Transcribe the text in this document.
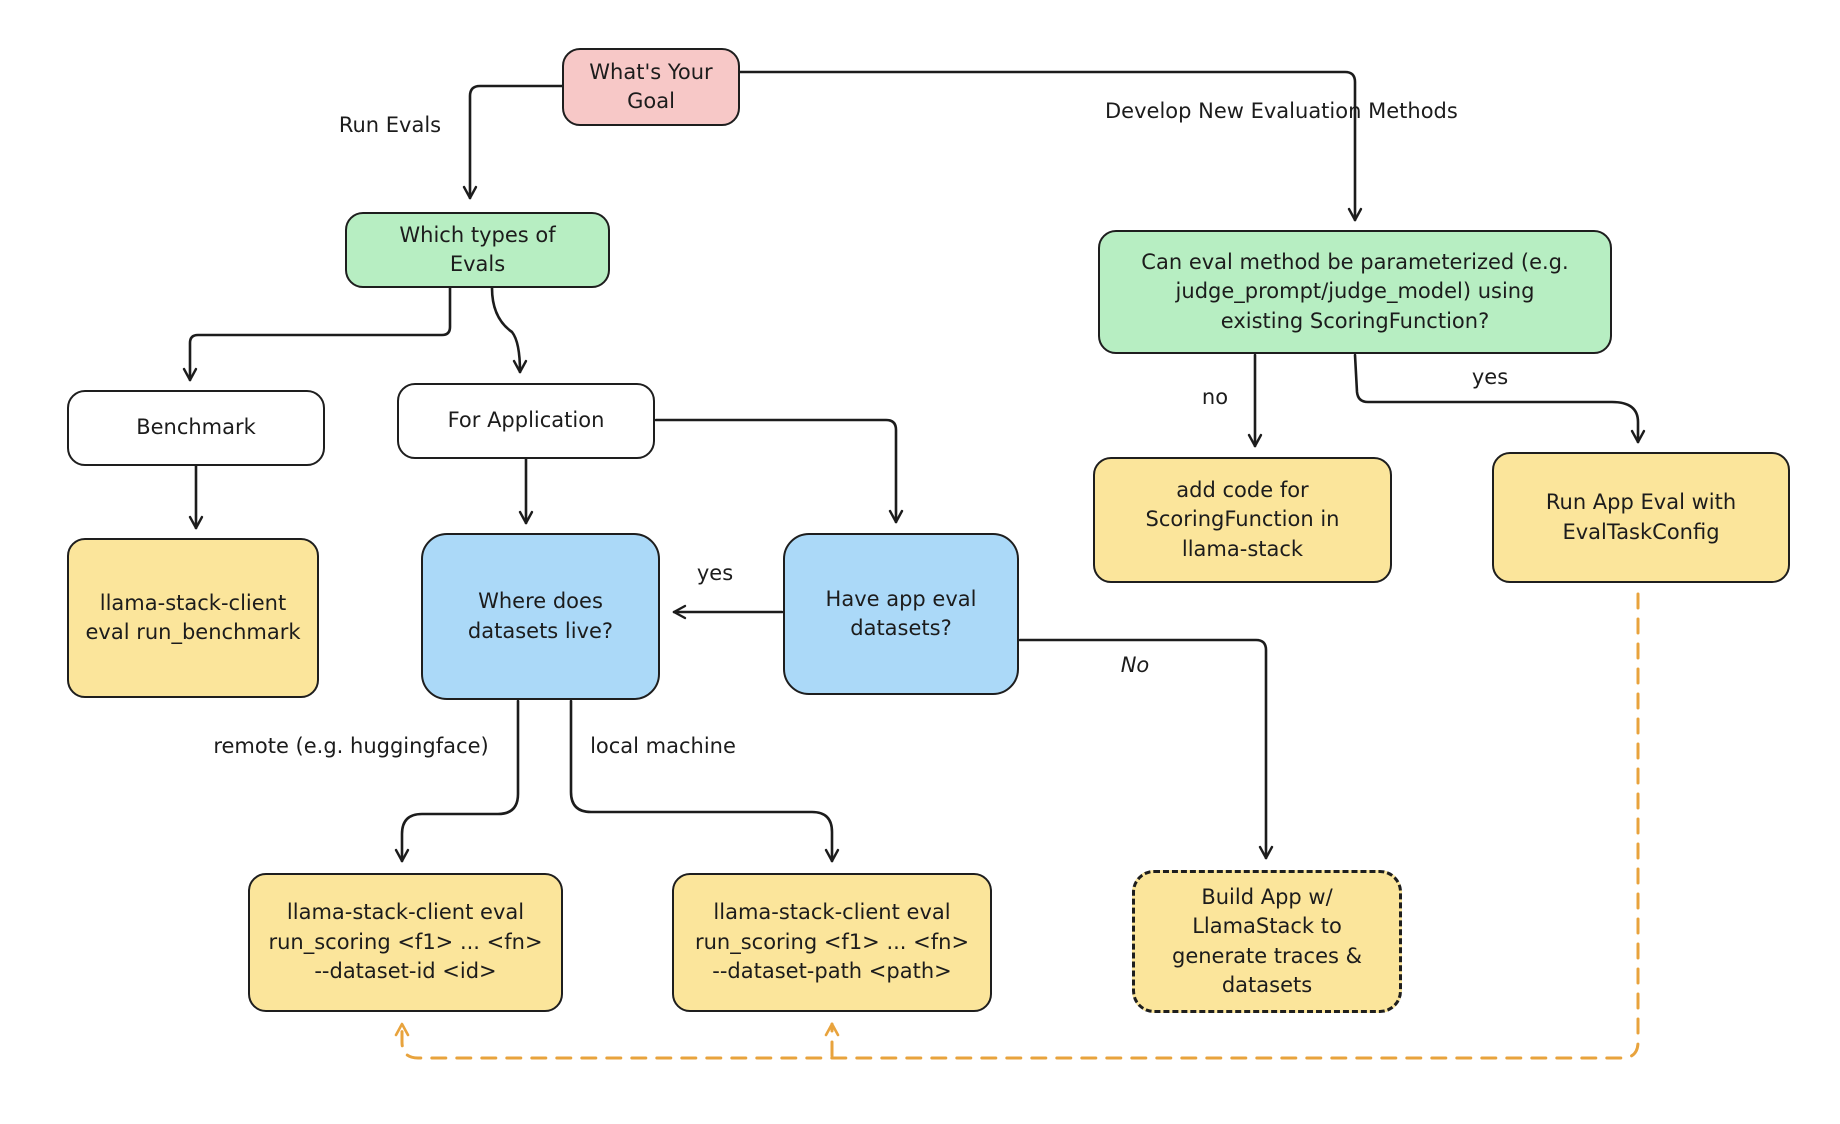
What's Your
Goal
Which types of
Evals	Can eval method be parameterized (e.g.
judge_prompt/judge_model) using
existing ScoringFunction?
Benchmark	For Application
llama-stack-client
eval run_benchmark
Where does
datasets live?
Have app eval
datasets?
add code for
ScoringFunction in
llama-stack
Run App Eval with
EvalTaskConfig
llama-stack-client eval
run_scoring <f1> ... <fn>
--dataset-id <id>
llama-stack-client eval
run_scoring <f1> ... <fn>
--dataset-path <path>
Build App w/
LlamaStack to
generate traces &
datasets
Run Evals
Develop New Evaluation Methods
no
yes
yes
No
remote (e.g. huggingface)	local machine
